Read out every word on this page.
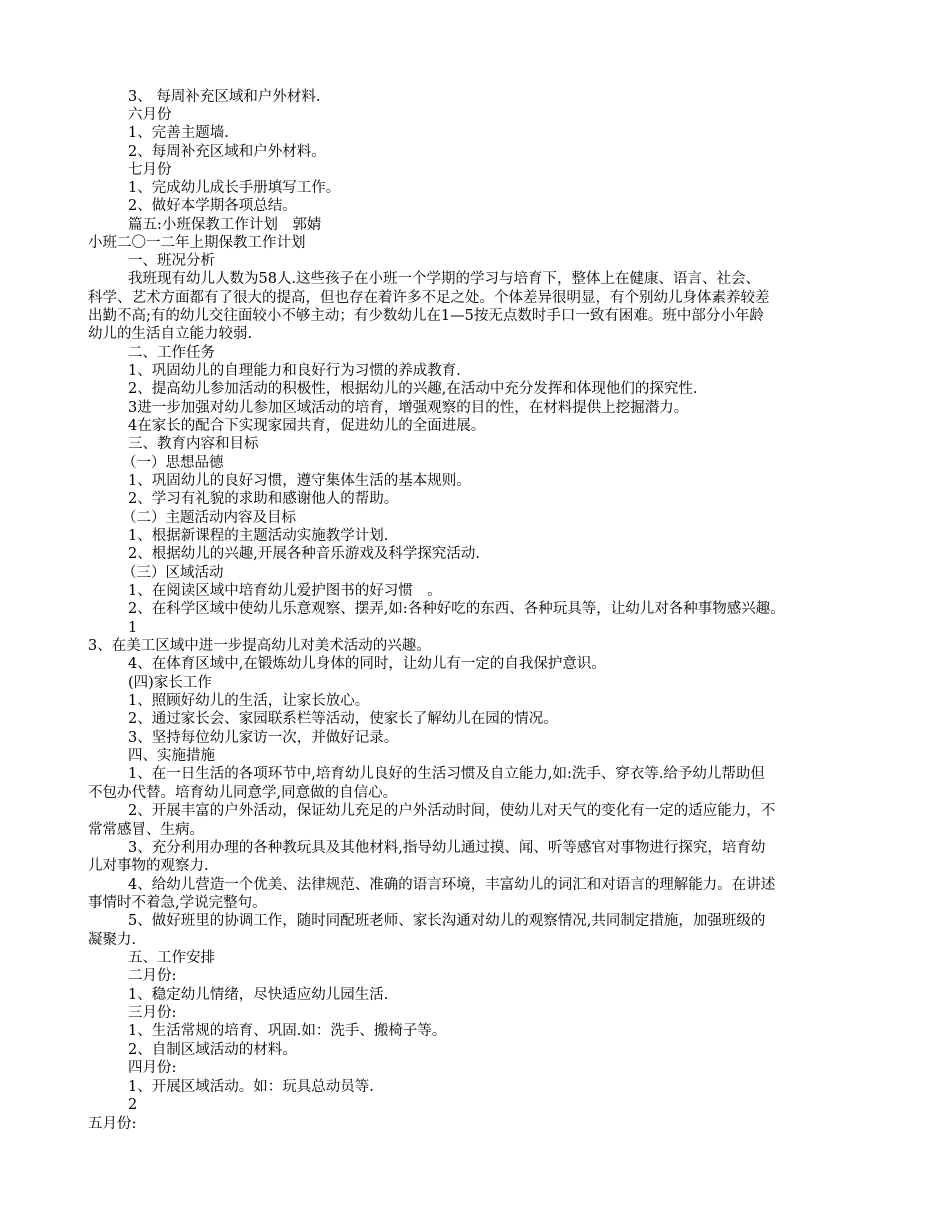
3、 每周补充区域和户外材料.
六月份
1、完善主题墙.
2、每周补充区域和户外材料。
七月份
1、完成幼儿成长手册填写工作。
2、做好本学期各项总结。
篇五:小班保教工作计划　郭婧
小班二〇一二年上期保教工作计划
一、班况分析
我班现有幼儿人数为58人.这些孩子在小班一个学期的学习与培育下，整体上在健康、语言、社会、
科学、艺术方面都有了很大的提高，但也存在着许多不足之处。个体差异很明显，有个别幼儿身体素养较差
出勤不高;有的幼儿交往面较小不够主动；有少数幼儿在1—5按无点数时手口一致有困难。班中部分小年龄
幼儿的生活自立能力较弱.
二、工作任务
1、巩固幼儿的自理能力和良好行为习惯的养成教育.
2、提高幼儿参加活动的积极性，根据幼儿的兴趣,在活动中充分发挥和体现他们的探究性.
3进一步加强对幼儿参加区域活动的培育，增强观察的目的性，在材料提供上挖掘潜力。
4在家长的配合下实现家园共育，促进幼儿的全面进展。
三、教育内容和目标
（一）思想品德
1、巩固幼儿的良好习惯，遵守集体生活的基本规则。
2、学习有礼貌的求助和感谢他人的帮助。
（二）主题活动内容及目标
1、根据新课程的主题活动实施教学计划.
2、根据幼儿的兴趣,开展各种音乐游戏及科学探究活动.
（三）区域活动
1、在阅读区域中培育幼儿爱护图书的好习惯　。
2、在科学区域中使幼儿乐意观察、摆弄,如:各种好吃的东西、各种玩具等，让幼儿对各种事物感兴趣。
1
3、在美工区域中进一步提高幼儿对美术活动的兴趣。
4、在体育区域中,在锻炼幼儿身体的同时，让幼儿有一定的自我保护意识。
(四)家长工作
1、照顾好幼儿的生活，让家长放心。
2、通过家长会、家园联系栏等活动，使家长了解幼儿在园的情况。
3、坚持每位幼儿家访一次，并做好记录。
四、实施措施
1、在一日生活的各项环节中,培育幼儿良好的生活习惯及自立能力,如:洗手、穿衣等.给予幼儿帮助但
不包办代替。培育幼儿同意学,同意做的自信心。
2、开展丰富的户外活动，保证幼儿充足的户外活动时间，使幼儿对天气的变化有一定的适应能力，不
常常感冒、生病。
3、充分利用办理的各种教玩具及其他材料,指导幼儿通过摸、闻、听等感官对事物进行探究，培育幼
儿对事物的观察力.
4、给幼儿营造一个优美、法律规范、准确的语言环境，丰富幼儿的词汇和对语言的理解能力。在讲述
事情时不着急,学说完整句。
5、做好班里的协调工作，随时同配班老师、家长沟通对幼儿的观察情况,共同制定措施，加强班级的
凝聚力.
五、工作安排
二月份:
1、稳定幼儿情绪，尽快适应幼儿园生活.
三月份:
1、生活常规的培育、巩固.如：洗手、搬椅子等。
2、自制区域活动的材料。
四月份:
1、开展区域活动。如：玩具总动员等.
2
五月份:
